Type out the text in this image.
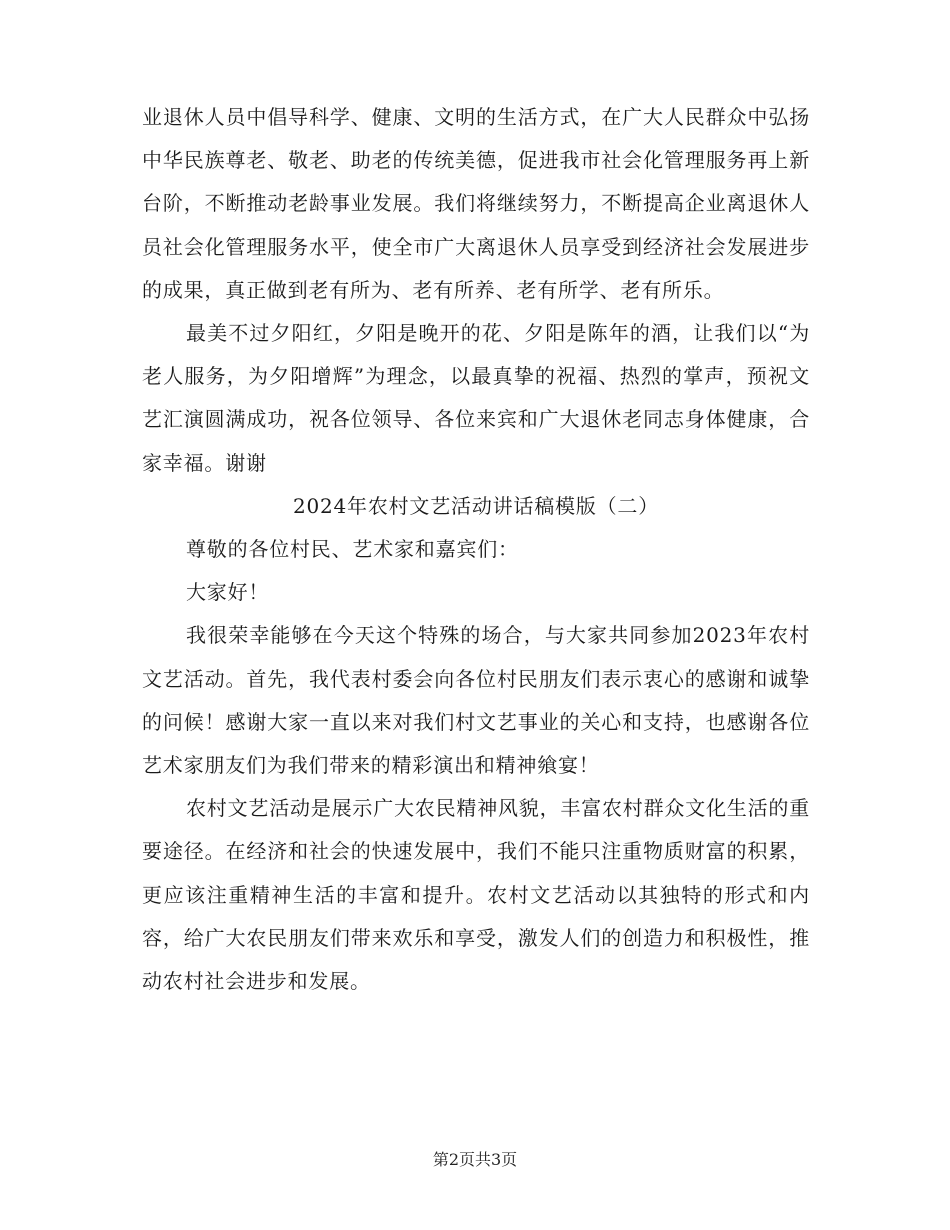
业退休人员中倡导科学、健康、文明的生活方式，在广大人民群众中弘扬中华民族尊老、敬老、助老的传统美德，促进我市社会化管理服务再上新台阶，不断推动老龄事业发展。我们将继续努力，不断提高企业离退休人员社会化管理服务水平，使全市广大离退休人员享受到经济社会发展进步的成果，真正做到老有所为、老有所养、老有所学、老有所乐。

最美不过夕阳红，夕阳是晚开的花、夕阳是陈年的酒，让我们以“为老人服务，为夕阳增辉”为理念，以最真挚的祝福、热烈的掌声，预祝文艺汇演圆满成功，祝各位领导、各位来宾和广大退休老同志身体健康，合家幸福。谢谢

2024年农村文艺活动讲话稿模版（二）

尊敬的各位村民、艺术家和嘉宾们：

大家好！

我很荣幸能够在今天这个特殊的场合，与大家共同参加2023年农村文艺活动。首先，我代表村委会向各位村民朋友们表示衷心的感谢和诚挚的问候！感谢大家一直以来对我们村文艺事业的关心和支持，也感谢各位艺术家朋友们为我们带来的精彩演出和精神飨宴！

农村文艺活动是展示广大农民精神风貌，丰富农村群众文化生活的重要途径。在经济和社会的快速发展中，我们不能只注重物质财富的积累，更应该注重精神生活的丰富和提升。农村文艺活动以其独特的形式和内容，给广大农民朋友们带来欢乐和享受，激发人们的创造力和积极性，推动农村社会进步和发展。

第2页共3页
